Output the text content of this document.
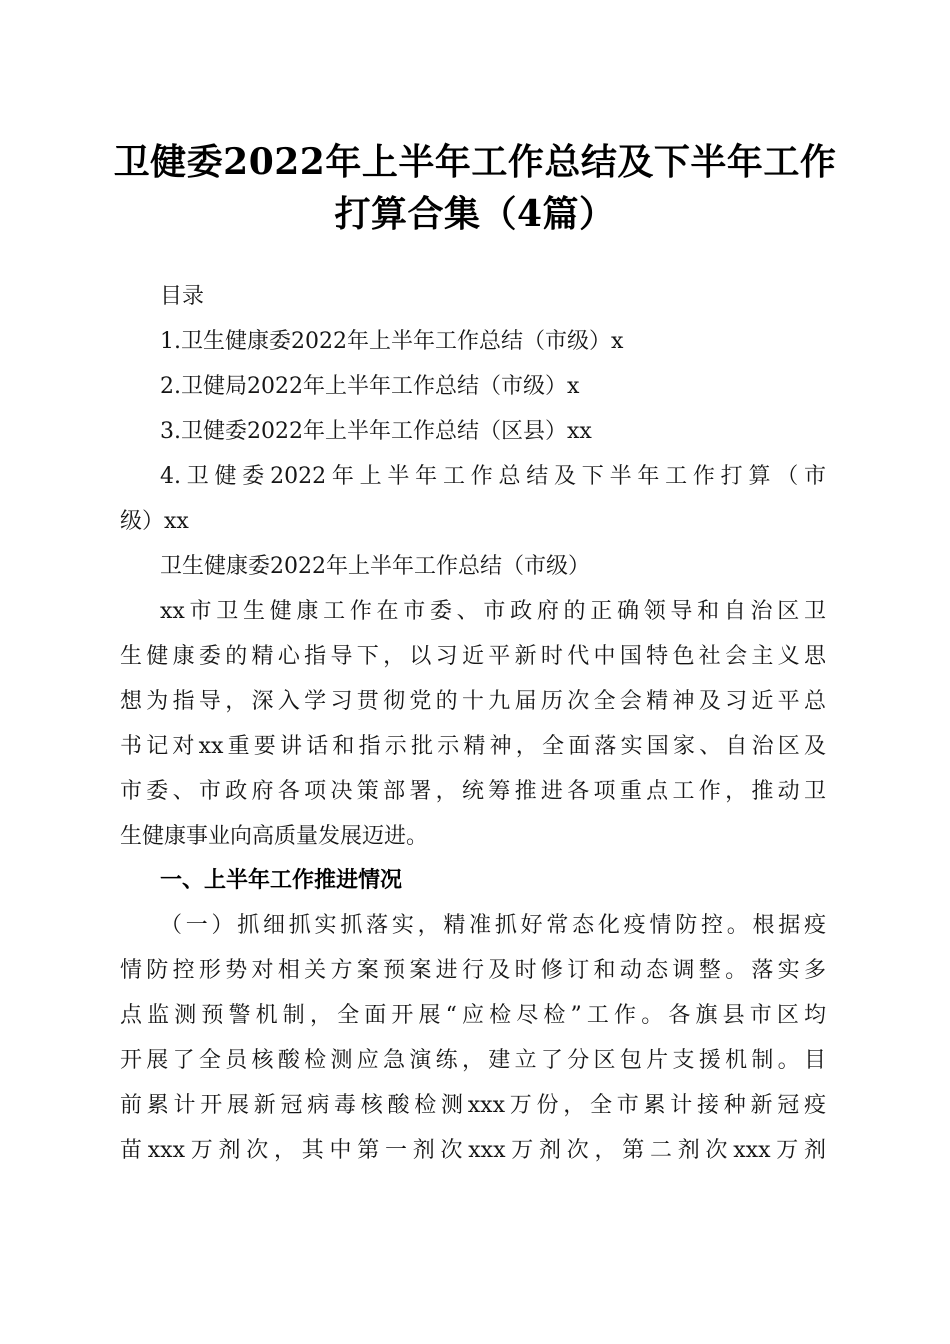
卫健委2022年上半年工作总结及下半年工作
打算合集（4篇）
目录
1.卫生健康委2022年上半年工作总结（市级）x
2.卫健局2022年上半年工作总结（市级）x
3.卫健委2022年上半年工作总结（区县）xx
4.卫健委2022年上半年工作总结及下半年工作打算（市
级）xx
卫生健康委2022年上半年工作总结（市级）
xx市卫生健康工作在市委、市政府的正确领导和自治区卫
生健康委的精心指导下，以习近平新时代中国特色社会主义思
想为指导，深入学习贯彻党的十九届历次全会精神及习近平总
书记对xx重要讲话和指示批示精神，全面落实国家、自治区及
市委、市政府各项决策部署，统筹推进各项重点工作，推动卫
生健康事业向高质量发展迈进。
一、上半年工作推进情况
（一）抓细抓实抓落实，精准抓好常态化疫情防控。根据疫
情防控形势对相关方案预案进行及时修订和动态调整。落实多
点监测预警机制，全面开展“应检尽检”工作。各旗县市区均
开展了全员核酸检测应急演练，建立了分区包片支援机制。目
前累计开展新冠病毒核酸检测xxx万份，全市累计接种新冠疫
苗xxx万剂次，其中第一剂次xxx万剂次，第二剂次xxx万剂
